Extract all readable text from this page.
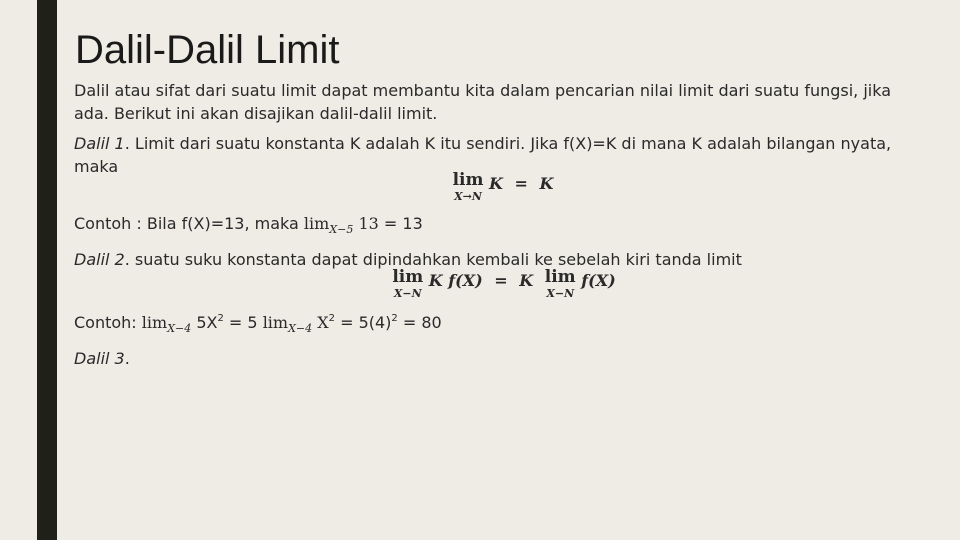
Dalil-Dalil Limit

Dalil atau sifat dari suatu limit dapat membantu kita dalam pencarian nilai limit dari suatu fungsi, jika ada. Berikut ini akan disajikan dalil-dalil limit.

Dalil 1. Limit dari suatu konstanta K adalah K itu sendiri. Jika f(X)=K di mana K adalah bilangan nyata, maka

lim
X→N
K = K

Contoh : Bila f(X)=13, maka $\lim_{X-5} 13 = 13$

Dalil 2. suatu suku konstanta dapat dipindahkan kembali ke sebelah kiri tanda limit

lim
X−N
K f(X) = K lim
X−N
f(X)

Contoh: $\lim_{X-4} 5X^2 = 5$ $\lim_{X-4} X^2 = 5(4)^2 = 80$

Dalil 3.
